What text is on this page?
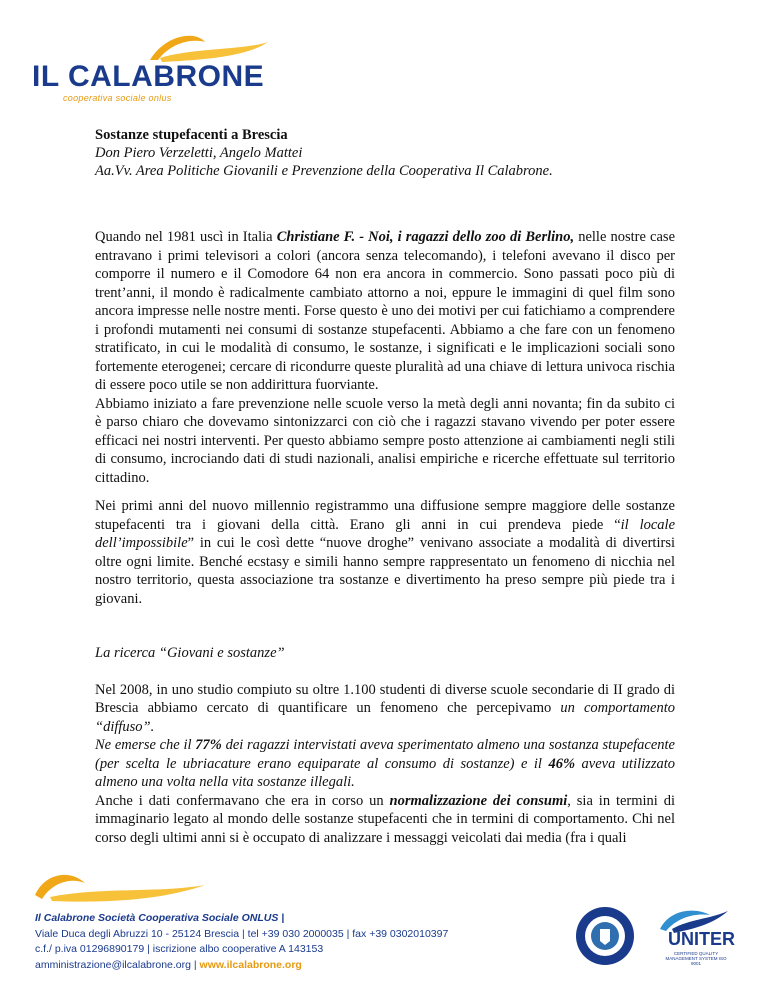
IL CALABRONE
cooperativa sociale onlus
Sostanze stupefacenti a Brescia
Don Piero Verzeletti, Angelo Mattei
Aa.Vv. Area Politiche Giovanili e Prevenzione della Cooperativa Il Calabrone.

Quando nel 1981 uscì in Italia Christiane F. - Noi, i ragazzi dello zoo di Berlino, nelle nostre case entravano i primi televisori a colori (ancora senza telecomando), i telefoni avevano il disco per comporre il numero e il Comodore 64 non era ancora in commercio. Sono passati poco più di trent’anni, il mondo è radicalmente cambiato attorno a noi, eppure le immagini di quel film sono ancora impresse nelle nostre menti. Forse questo è uno dei motivi per cui fatichiamo a comprendere i profondi mutamenti nei consumi di sostanze stupefacenti. Abbiamo a che fare con un fenomeno stratificato, in cui le modalità di consumo, le sostanze, i significati e le implicazioni sociali sono fortemente eterogenei; cercare di ricondurre queste pluralità ad una chiave di lettura univoca rischia di essere poco utile se non addirittura fuorviante.

Abbiamo iniziato a fare prevenzione nelle scuole verso la metà degli anni novanta; fin da subito ci è parso chiaro che dovevamo sintonizzarci con ciò che i ragazzi stavano vivendo per poter essere efficaci nei nostri interventi. Per questo abbiamo sempre posto attenzione ai cambiamenti negli stili di consumo, incrociando dati di studi nazionali, analisi empiriche e ricerche effettuate sul territorio cittadino.

Nei primi anni del nuovo millennio registrammo una diffusione sempre maggiore delle sostanze stupefacenti tra i giovani della città. Erano gli anni in cui prendeva piede “il locale dell’impossibile” in cui le così dette “nuove droghe” venivano associate a modalità di divertirsi oltre ogni limite. Benché ecstasy e simili hanno sempre rappresentato un fenomeno di nicchia nel nostro territorio, questa associazione tra sostanze e divertimento ha preso sempre più piede tra i giovani.

La ricerca “Giovani e sostanze”

Nel 2008, in uno studio compiuto su oltre 1.100 studenti di diverse scuole secondarie di II grado di Brescia abbiamo cercato di quantificare un fenomeno che percepivamo un comportamento “diffuso”.

Ne emerse che il 77% dei ragazzi intervistati aveva sperimentato almeno una sostanza stupefacente (per scelta le ubriacature erano equiparate al consumo di sostanze) e il 46% aveva utilizzato almeno una volta nella vita sostanze illegali.

Anche i dati confermavano che era in corso un normalizzazione dei consumi, sia in termini di immaginario legato al mondo delle sostanze stupefacenti che in termini di comportamento. Chi nel corso degli ultimi anni si è occupato di analizzare i messaggi veicolati dai media (fra i quali

Il Calabrone Società Cooperativa Sociale ONLUS |
Viale Duca degli Abruzzi 10 - 25124 Brescia | tel +39 030 2000035 | fax +39 0302010397
c.f./ p.iva 01296890179 | iscrizione albo cooperative A 143153
amministrazione@ilcalabrone.org | www.ilcalabrone.org
UNITER
CERTIFIED QUALITY MANAGEMENT SYSTEM ISO 9001
